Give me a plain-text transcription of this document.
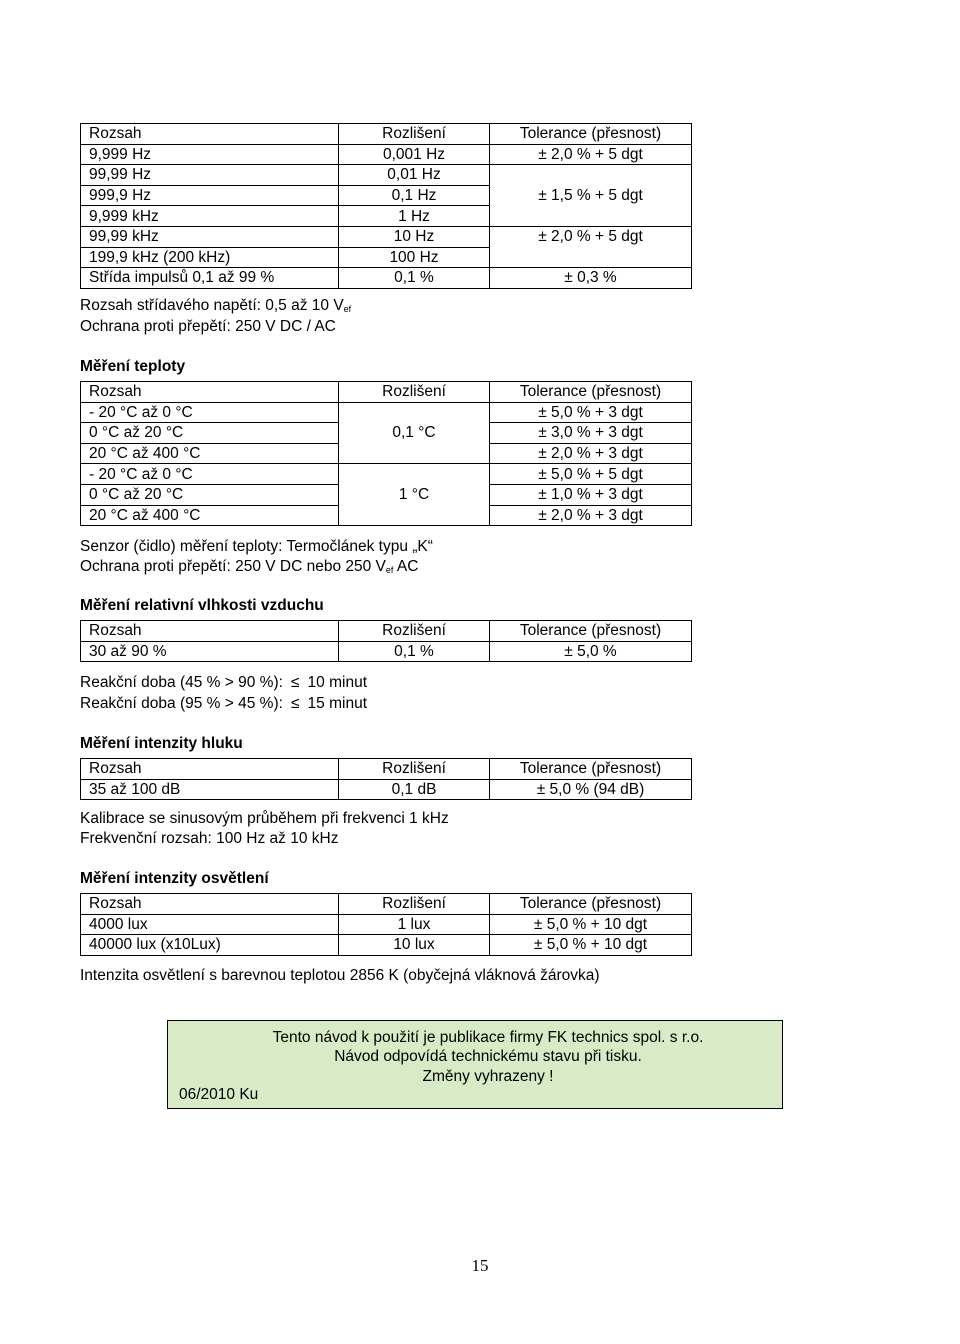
Rozsah	Rozlišení	Tolerance (přesnost)
9,999 Hz	0,001 Hz	± 2,0 % + 5 dgt
99,99 Hz	0,01 Hz	± 1,5 % + 5 dgt
999,9 Hz	0,1 Hz	
9,999 kHz	1 Hz	
99,99 kHz	10 Hz	± 2,0 % + 5 dgt
199,9 kHz (200 kHz)	100 Hz	
Střída impulsů 0,1 až 99 %	0,1 %	± 0,3 %
Rozsah střídavého napětí: 0,5 až 10 $V_{ef}$
Ochrana proti přepětí: 250 V DC / AC
Měření teploty
Rozsah	Rozlišení	Tolerance (přesnost)
- 20 °C až 0 °C	0,1 °C	± 5,0 % + 3 dgt
0 °C až 20 °C		± 3,0 % + 3 dgt
20 °C až 400 °C		± 2,0 % + 3 dgt
- 20 °C až 0 °C	1 °C	± 5,0 % + 5 dgt
0 °C až 20 °C		± 1,0 % + 3 dgt
20 °C až 400 °C		± 2,0 % + 3 dgt
Senzor (čidlo) měření teploty: Termočlánek typu „K“
Ochrana proti přepětí: 250 V DC nebo 250 $V_{ef}$ AC
Měření relativní vlhkosti vzduchu
Rozsah	Rozlišení	Tolerance (přesnost)
30 až 90 %	0,1 %	± 5,0 %
Reakční doba (45 % > 90 %): ≤ 10 minut
Reakční doba (95 % > 45 %): ≤ 15 minut
Měření intenzity hluku
Rozsah	Rozlišení	Tolerance (přesnost)
35 až 100 dB	0,1 dB	± 5,0 % (94 dB)
Kalibrace se sinusovým průběhem při frekvenci 1 kHz
Frekvenční rozsah: 100 Hz až 10 kHz
Měření intenzity osvětlení
Rozsah	Rozlišení	Tolerance (přesnost)
4000 lux	1 lux	± 5,0 % + 10 dgt
40000 lux (x10Lux)	10 lux	± 5,0 % + 10 dgt
Intenzita osvětlení s barevnou teplotou 2856 K (obyčejná vláknová žárovka)
Tento návod k použití je publikace firmy FK technics spol. s r.o.
Návod odpovídá technickému stavu při tisku.
Změny vyhrazeny !
06/2010 Ku
15
